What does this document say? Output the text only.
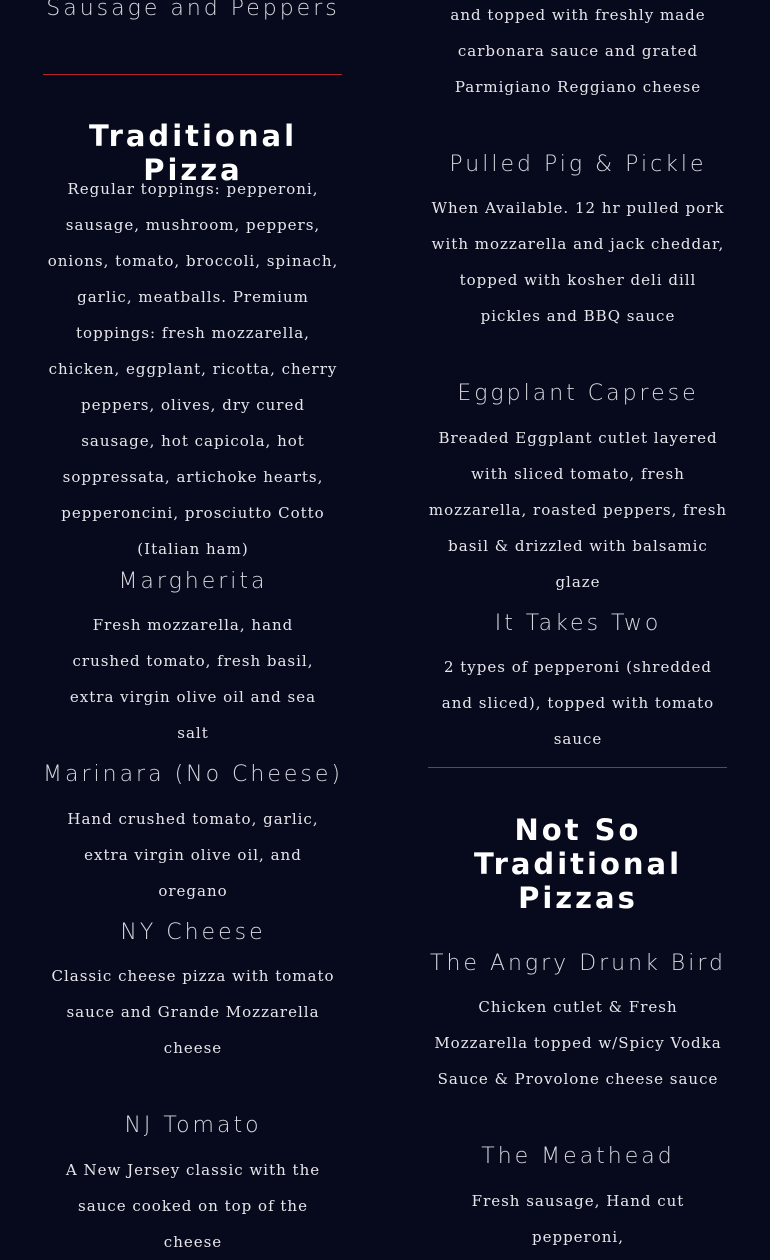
Sausage and Peppers
Traditional Pizza
Regular toppings: pepperoni, sausage, mushroom, peppers, onions, tomato, broccoli, spinach, garlic, meatballs. Premium toppings: fresh mozzarella, chicken, eggplant, ricotta, cherry peppers, olives, dry cured sausage, hot capicola, hot soppressata, artichoke hearts, pepperoncini, prosciutto Cotto (Italian ham)
Margherita
Fresh mozzarella, hand crushed tomato, fresh basil, extra virgin olive oil and sea salt
Marinara (No Cheese)
Hand crushed tomato, garlic, extra virgin olive oil, and oregano
NY Cheese
Classic cheese pizza with tomato sauce and Grande Mozzarella cheese
NJ Tomato
A New Jersey classic with the sauce cooked on top of the cheese
and topped with freshly made carbonara sauce and grated Parmigiano Reggiano cheese
Pulled Pig & Pickle
When Available. 12 hr pulled pork with mozzarella and jack cheddar, topped with kosher deli dill pickles and BBQ sauce
Eggplant Caprese
Breaded Eggplant cutlet layered with sliced tomato, fresh mozzarella, roasted peppers, fresh basil & drizzled with balsamic glaze
It Takes Two
2 types of pepperoni (shredded and sliced), topped with tomato sauce
Not So Traditional Pizzas
The Angry Drunk Bird
Chicken cutlet & Fresh Mozzarella topped w/Spicy Vodka Sauce & Provolone cheese sauce
The Meathead
Fresh sausage, Hand cut pepperoni,
